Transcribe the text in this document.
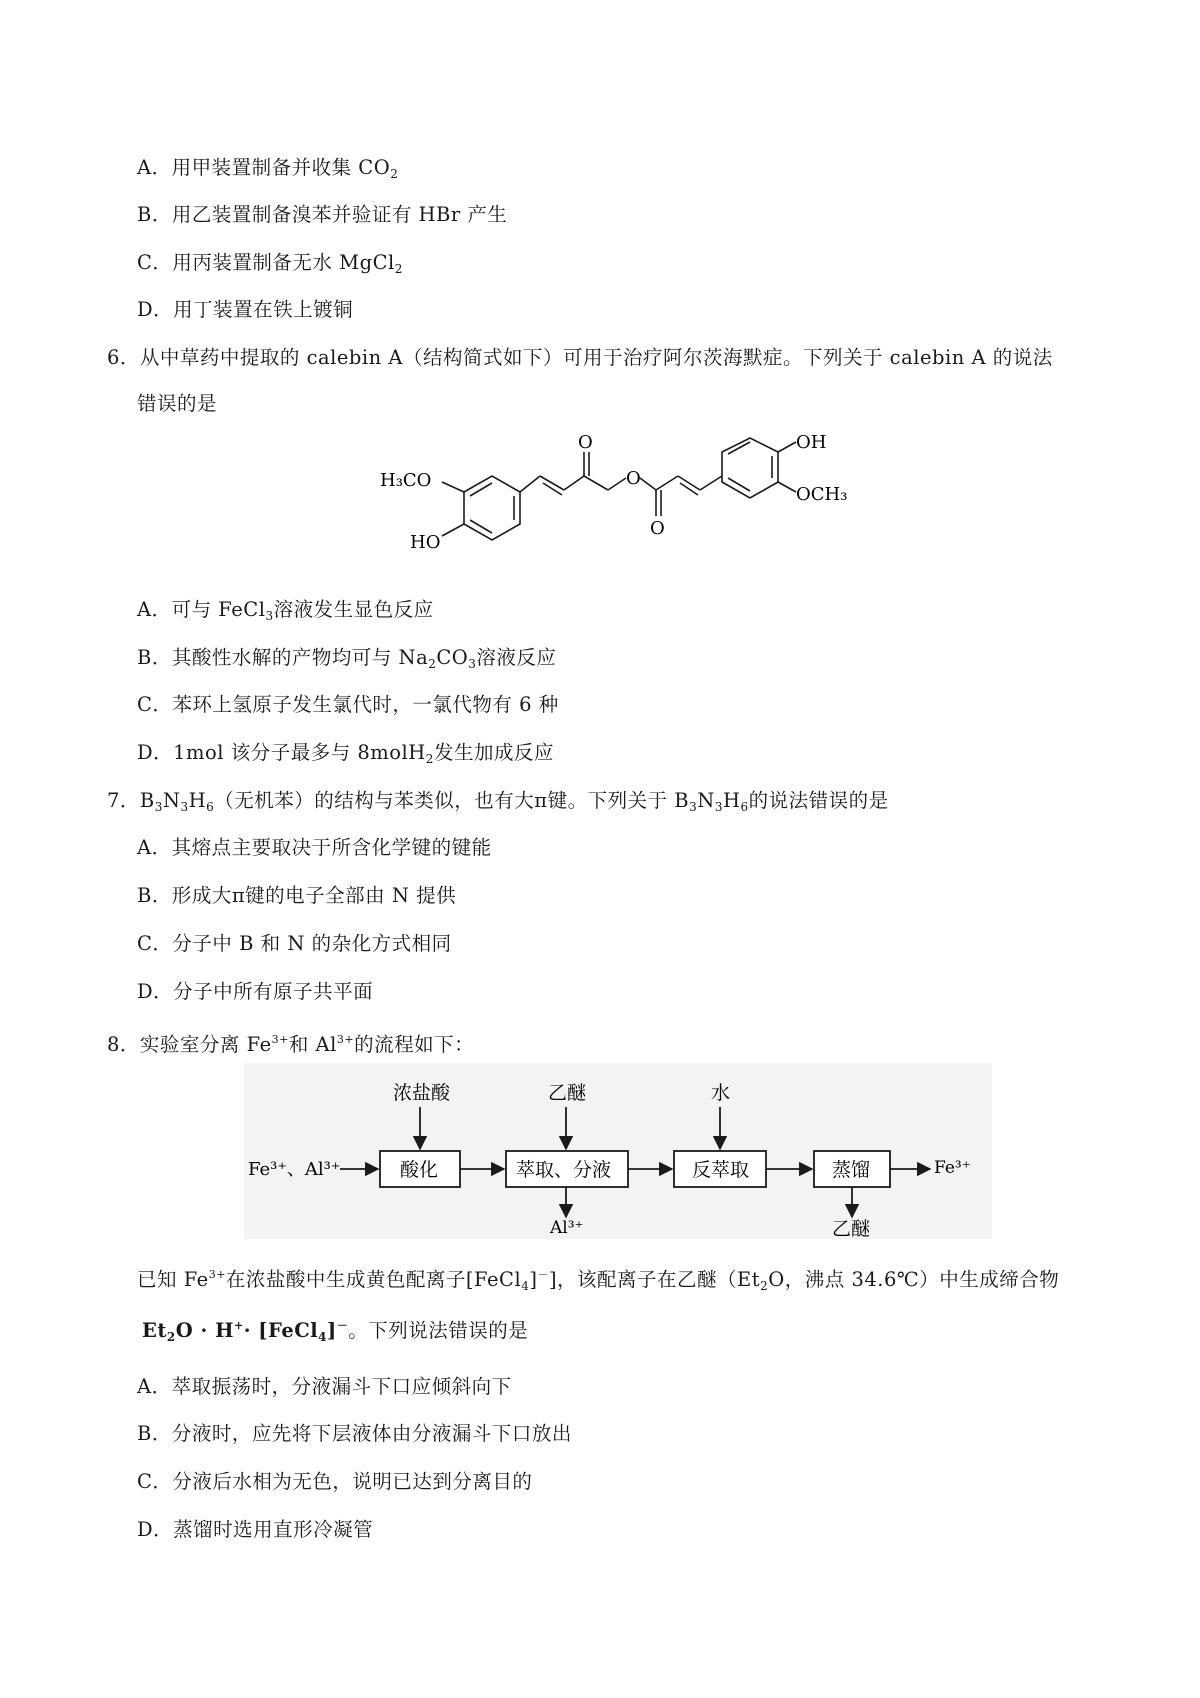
A．用甲装置制备并收集 $CO_2$
B．用乙装置制备溴苯并验证有 HBr 产生
C．用丙装置制备无水 MgCl$_2$
D．用丁装置在铁上镀铜
6．从中草药中提取的 calebin A（结构简式如下）可用于治疗阿尔茨海默症。下列关于 calebin A 的说法
错误的是
H₃CO
HO
O
O
O
OH
OCH₃
A．可与 FeCl$_3$溶液发生显色反应
B．其酸性水解的产物均可与 $Na_2CO_3$溶液反应
C．苯环上氢原子发生氯代时，一氯代物有 6 种
D．1mol 该分子最多与 8molH$_2$发生加成反应
7．$B_3N_3H_6$（无机苯）的结构与苯类似，也有大π键。下列关于 $B_3N_3H_6$的说法错误的是
A．其熔点主要取决于所含化学键的键能
B．形成大π键的电子全部由 N 提供
C．分子中 B 和 N 的杂化方式相同
D．分子中所有原子共平面
8．实验室分离 $Fe^{3+}$和 $Al^{3+}$的流程如下：
Fe³⁺、Al³⁺
浓盐酸	乙醚	水
酸化	萃取、分液	反萃取	蒸馏	Fe³⁺
Al³⁺	乙醚
已知 $Fe^{3+}$在浓盐酸中生成黄色配离子[FeCl$_4$]－]，该配离子在乙醚（$Et_2O$，沸点 34.6℃）中生成缔合物
$Et_2O \cdot H^+\cdot$ [FeCl$_4$]－。下列说法错误的是
A．萃取振荡时，分液漏斗下口应倾斜向下
B．分液时，应先将下层液体由分液漏斗下口放出
C．分液后水相为无色，说明已达到分离目的
D．蒸馏时选用直形冷凝管
